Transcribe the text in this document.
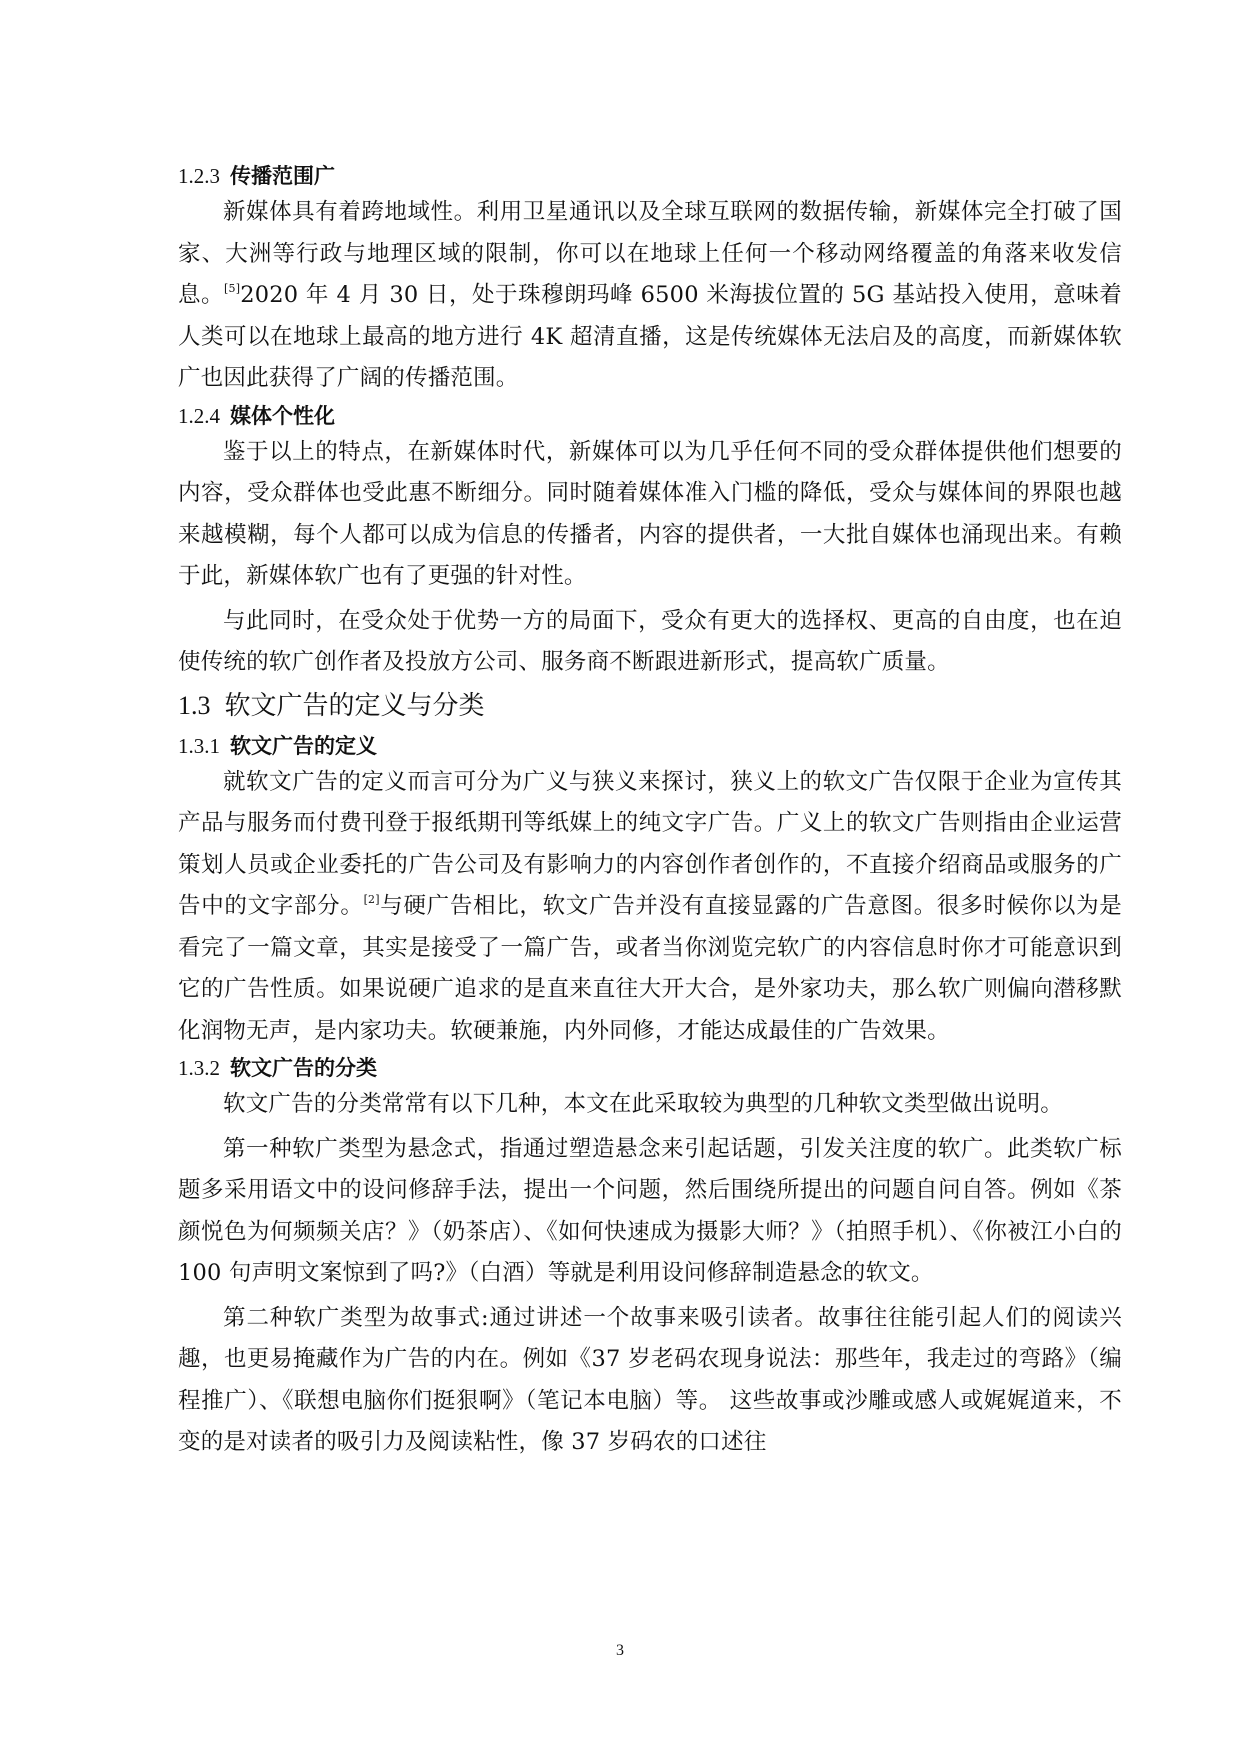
1.2.3 传播范围广

新媒体具有着跨地域性。利用卫星通讯以及全球互联网的数据传输，新媒体完全打破了国家、大洲等行政与地理区域的限制，你可以在地球上任何一个移动网络覆盖的角落来收发信息。[5]2020 年 4 月 30 日，处于珠穆朗玛峰 6500 米海拔位置的 5G 基站投入使用，意味着人类可以在地球上最高的地方进行 4K 超清直播，这是传统媒体无法启及的高度，而新媒体软广也因此获得了广阔的传播范围。

1.2.4 媒体个性化

鉴于以上的特点，在新媒体时代，新媒体可以为几乎任何不同的受众群体提供他们想要的内容，受众群体也受此惠不断细分。同时随着媒体准入门槛的降低，受众与媒体间的界限也越来越模糊，每个人都可以成为信息的传播者，内容的提供者，一大批自媒体也涌现出来。有赖于此，新媒体软广也有了更强的针对性。

与此同时，在受众处于优势一方的局面下，受众有更大的选择权、更高的自由度，也在迫使传统的软广创作者及投放方公司、服务商不断跟进新形式，提高软广质量。

1.3 软文广告的定义与分类
1.3.1 软文广告的定义

就软文广告的定义而言可分为广义与狭义来探讨，狭义上的软文广告仅限于企业为宣传其产品与服务而付费刊登于报纸期刊等纸媒上的纯文字广告。广义上的软文广告则指由企业运营策划人员或企业委托的广告公司及有影响力的内容创作者创作的，不直接介绍商品或服务的广告中的文字部分。[2]与硬广告相比，软文广告并没有直接显露的广告意图。很多时候你以为是看完了一篇文章，其实是接受了一篇广告，或者当你浏览完软广的内容信息时你才可能意识到它的广告性质。如果说硬广追求的是直来直往大开大合，是外家功夫，那么软广则偏向潜移默化润物无声，是内家功夫。软硬兼施，内外同修，才能达成最佳的广告效果。

1.3.2 软文广告的分类

软文广告的分类常常有以下几种，本文在此采取较为典型的几种软文类型做出说明。

第一种软广类型为悬念式，指通过塑造悬念来引起话题，引发关注度的软广。此类软广标题多采用语文中的设问修辞手法，提出一个问题，然后围绕所提出的问题自问自答。例如《茶颜悦色为何频频关店？》（奶茶店）、《如何快速成为摄影大师？》（拍照手机）、《你被江小白的 100 句声明文案惊到了吗?》（白酒）等就是利用设问修辞制造悬念的软文。

第二种软广类型为故事式:通过讲述一个故事来吸引读者。故事往往能引起人们的阅读兴趣，也更易掩藏作为广告的内在。例如《37 岁老码农现身说法：那些年，我走过的弯路》（编程推广）、《联想电脑你们挺狠啊》（笔记本电脑）等。 这些故事或沙雕或感人或娓娓道来，不变的是对读者的吸引力及阅读粘性，像 37 岁码农的口述往

3
